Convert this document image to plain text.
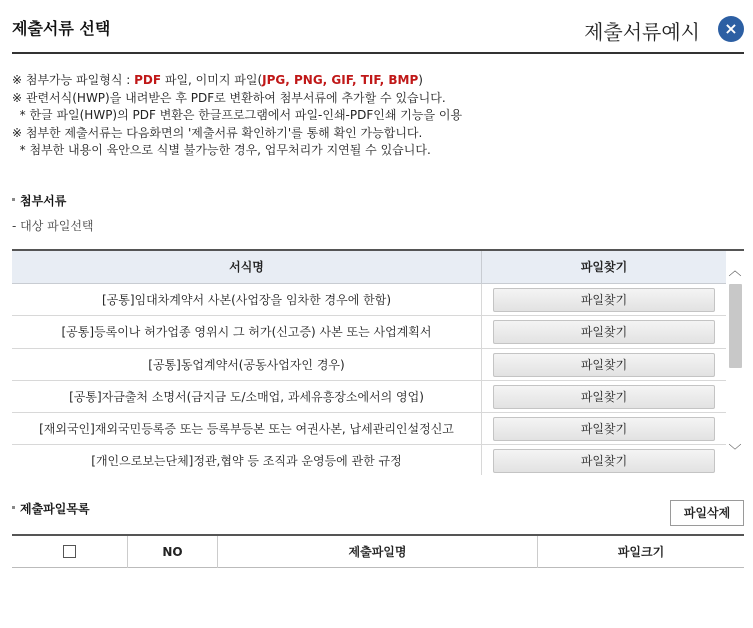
제출서류 선택	제출서류예시	×
※ 첨부가능 파일형식 : PDF 파일, 이미지 파일(JPG, PNG, GIF, TIF, BMP)
※ 관련서식(HWP)을 내려받은 후 PDF로 변환하여 첨부서류에 추가할 수 있습니다.
* 한글 파일(HWP)의 PDF 변환은 한글프로그램에서 파일-인쇄-PDF인쇄 기능을 이용
※ 첨부한 제출서류는 다음화면의 '제출서류 확인하기'를 통해 확인 가능합니다.
* 첨부한 내용이 육안으로 식별 불가능한 경우, 업무처리가 지연될 수 있습니다.
첨부서류
- 대상 파일선택
서식명	파일찾기
[공통]임대차계약서 사본(사업장을 임차한 경우에 한함)	파일찾기
[공통]등록이나 허가업종 영위시 그 허가(신고증) 사본 또는 사업계획서	파일찾기
[공통]동업계약서(공동사업자인 경우)	파일찾기
[공통]자금출처 소명서(금지금 도/소매업, 과세유흥장소에서의 영업)	파일찾기
[재외국인]재외국민등록증 또는 등록부등본 또는 여권사본, 납세관리인설정신고	파일찾기
[개인으로보는단체]정관,협약 등 조직과 운영등에 관한 규정	파일찾기
︿
﹀
제출파일목록	파일삭제
NO	제출파일명	파일크기
